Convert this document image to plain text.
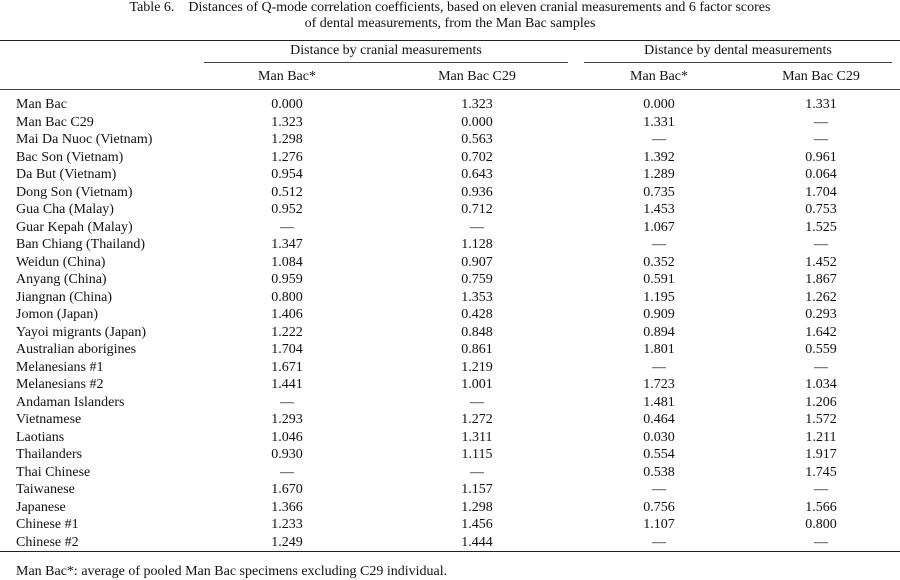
Table 6. Distances of Q-mode correlation coefficients, based on eleven cranial measurements and 6 factor scores
of dental measurements, from the Man Bac samples

	Distance by cranial measurements		Distance by dental measurements	

	Man Bac*	Man Bac C29	Man Bac*	Man Bac C29
Man Bac	0.000	1.323	0.000	1.331
Man Bac C29	1.323	0.000	1.331	—
Mai Da Nuoc (Vietnam)	1.298	0.563	—	—
Bac Son (Vietnam)	1.276	0.702	1.392	0.961
Da But (Vietnam)	0.954	0.643	1.289	0.064
Dong Son (Vietnam)	0.512	0.936	0.735	1.704
Gua Cha (Malay)	0.952	0.712	1.453	0.753
Guar Kepah (Malay)	—	—	1.067	1.525
Ban Chiang (Thailand)	1.347	1.128	—	—
Weidun (China)	1.084	0.907	0.352	1.452
Anyang (China)	0.959	0.759	0.591	1.867
Jiangnan (China)	0.800	1.353	1.195	1.262
Jomon (Japan)	1.406	0.428	0.909	0.293
Yayoi migrants (Japan)	1.222	0.848	0.894	1.642
Australian aborigines	1.704	0.861	1.801	0.559
Melanesians #1	1.671	1.219	—	—
Melanesians #2	1.441	1.001	1.723	1.034
Andaman Islanders	—	—	1.481	1.206
Vietnamese	1.293	1.272	0.464	1.572
Laotians	1.046	1.311	0.030	1.211
Thailanders	0.930	1.115	0.554	1.917
Thai Chinese	—	—	0.538	1.745
Taiwanese	1.670	1.157	—	—
Japanese	1.366	1.298	0.756	1.566
Chinese #1	1.233	1.456	1.107	0.800
Chinese #2	1.249	1.444	—	—
Man Bac*: average of pooled Man Bac specimens excluding C29 individual.
